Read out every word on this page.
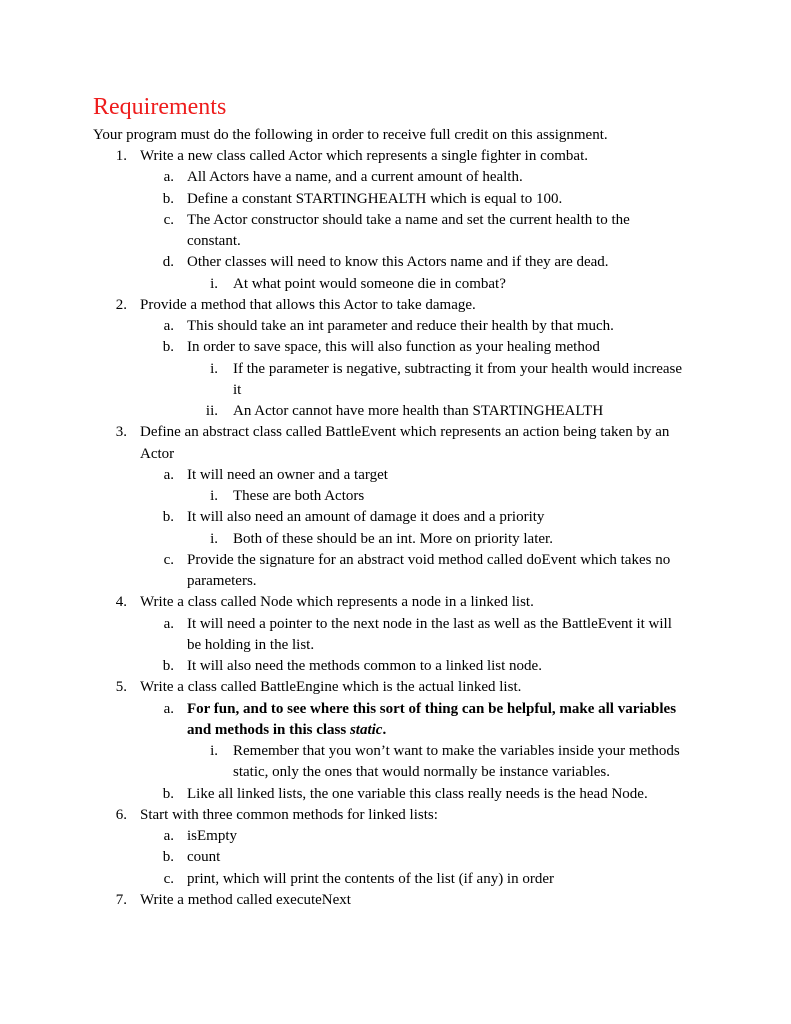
Requirements
Your program must do the following in order to receive full credit on this assignment.
1. Write a new class called Actor which represents a single fighter in combat.
a. All Actors have a name, and a current amount of health.
b. Define a constant STARTINGHEALTH which is equal to 100.
c. The Actor constructor should take a name and set the current health to the
constant.
d. Other classes will need to know this Actors name and if they are dead.
i. At what point would someone die in combat?
2. Provide a method that allows this Actor to take damage.
a. This should take an int parameter and reduce their health by that much.
b. In order to save space, this will also function as your healing method
i. If the parameter is negative, subtracting it from your health would increase
it
ii. An Actor cannot have more health than STARTINGHEALTH
3. Define an abstract class called BattleEvent which represents an action being taken by an
Actor
a. It will need an owner and a target
i. These are both Actors
b. It will also need an amount of damage it does and a priority
i. Both of these should be an int. More on priority later.
c. Provide the signature for an abstract void method called doEvent which takes no
parameters.
4. Write a class called Node which represents a node in a linked list.
a. It will need a pointer to the next node in the last as well as the BattleEvent it will
be holding in the list.
b. It will also need the methods common to a linked list node.
5. Write a class called BattleEngine which is the actual linked list.
a. For fun, and to see where this sort of thing can be helpful, make all variables
and methods in this class static.
i. Remember that you won’t want to make the variables inside your methods
static, only the ones that would normally be instance variables.
b. Like all linked lists, the one variable this class really needs is the head Node.
6. Start with three common methods for linked lists:
a. isEmpty
b. count
c. print, which will print the contents of the list (if any) in order
7. Write a method called executeNext
